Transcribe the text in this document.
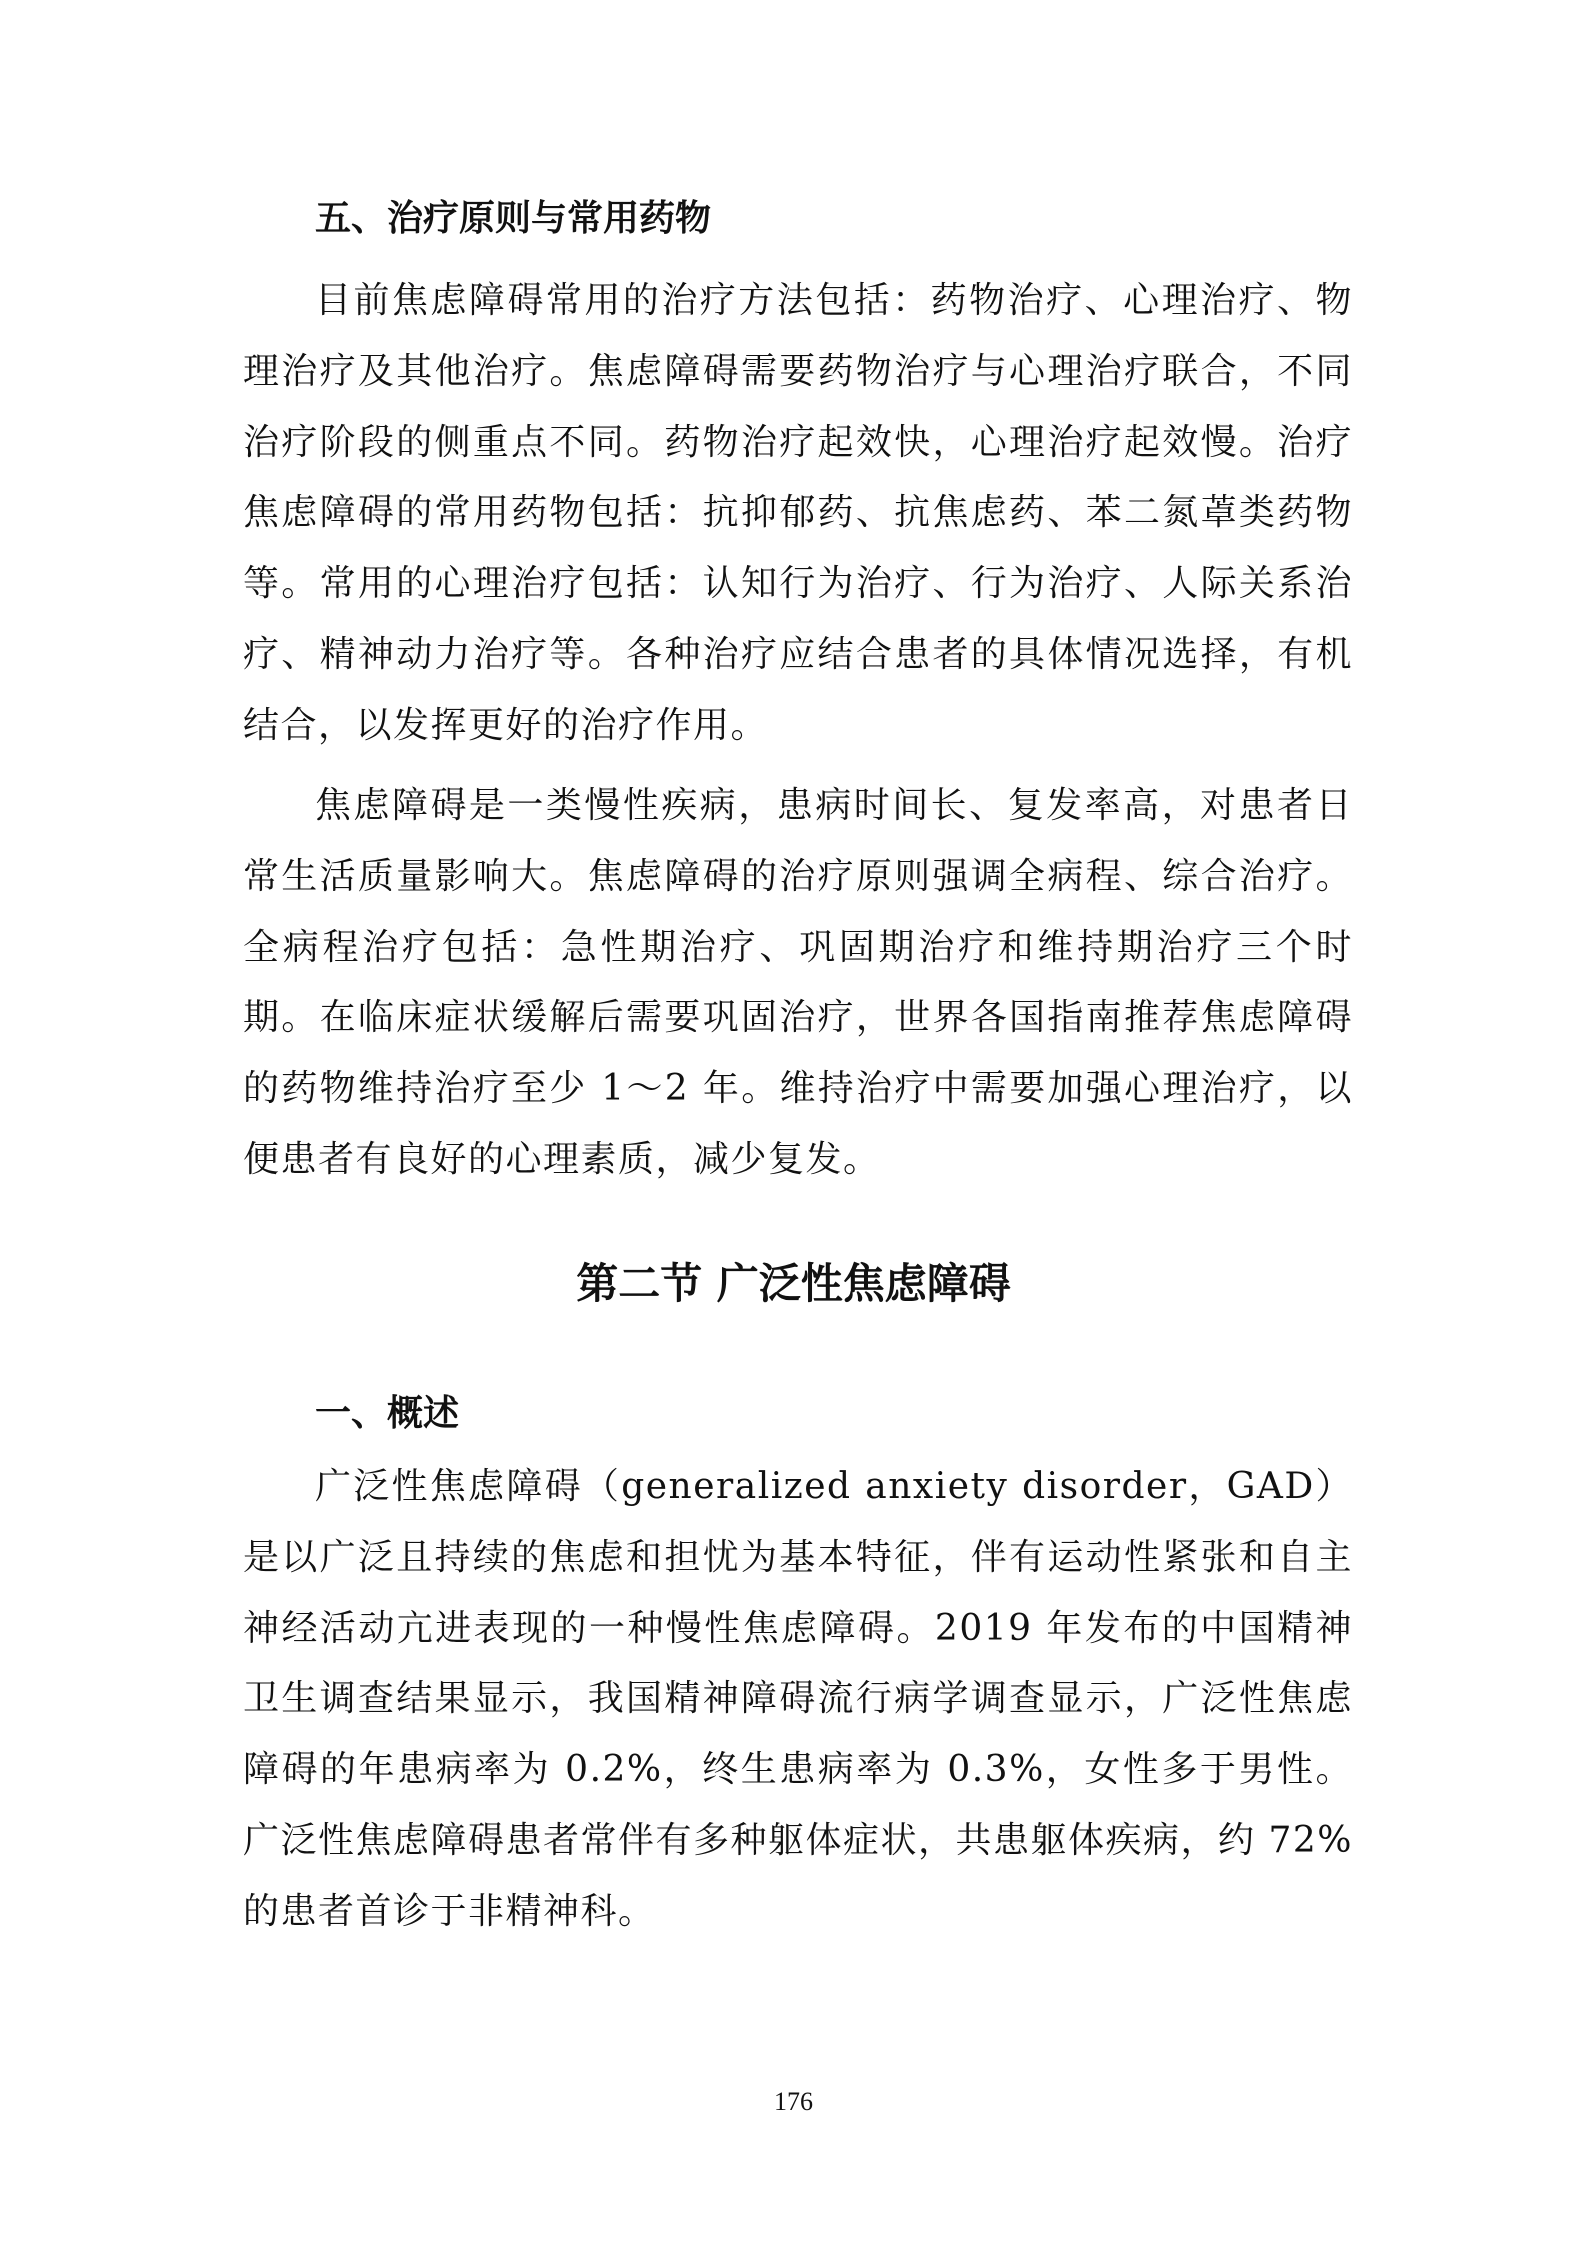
五、治疗原则与常用药物

目前焦虑障碍常用的治疗方法包括：药物治疗、心理治疗、物理治疗及其他治疗。焦虑障碍需要药物治疗与心理治疗联合，不同治疗阶段的侧重点不同。药物治疗起效快，心理治疗起效慢。治疗焦虑障碍的常用药物包括：抗抑郁药、抗焦虑药、苯二氮䓬类药物等。常用的心理治疗包括：认知行为治疗、行为治疗、人际关系治疗、精神动力治疗等。各种治疗应结合患者的具体情况选择，有机结合，以发挥更好的治疗作用。

焦虑障碍是一类慢性疾病，患病时间长、复发率高，对患者日常生活质量影响大。焦虑障碍的治疗原则强调全病程、综合治疗。全病程治疗包括：急性期治疗、巩固期治疗和维持期治疗三个时期。在临床症状缓解后需要巩固治疗，世界各国指南推荐焦虑障碍的药物维持治疗至少 1～2 年。维持治疗中需要加强心理治疗，以便患者有良好的心理素质，减少复发。

第二节 广泛性焦虑障碍
一、概述

广泛性焦虑障碍（generalized anxiety disorder，GAD）是以广泛且持续的焦虑和担忧为基本特征，伴有运动性紧张和自主神经活动亢进表现的一种慢性焦虑障碍。2019 年发布的中国精神卫生调查结果显示，我国精神障碍流行病学调查显示，广泛性焦虑障碍的年患病率为 0.2%，终生患病率为 0.3%，女性多于男性。广泛性焦虑障碍患者常伴有多种躯体症状，共患躯体疾病，约 72%的患者首诊于非精神科。

176
